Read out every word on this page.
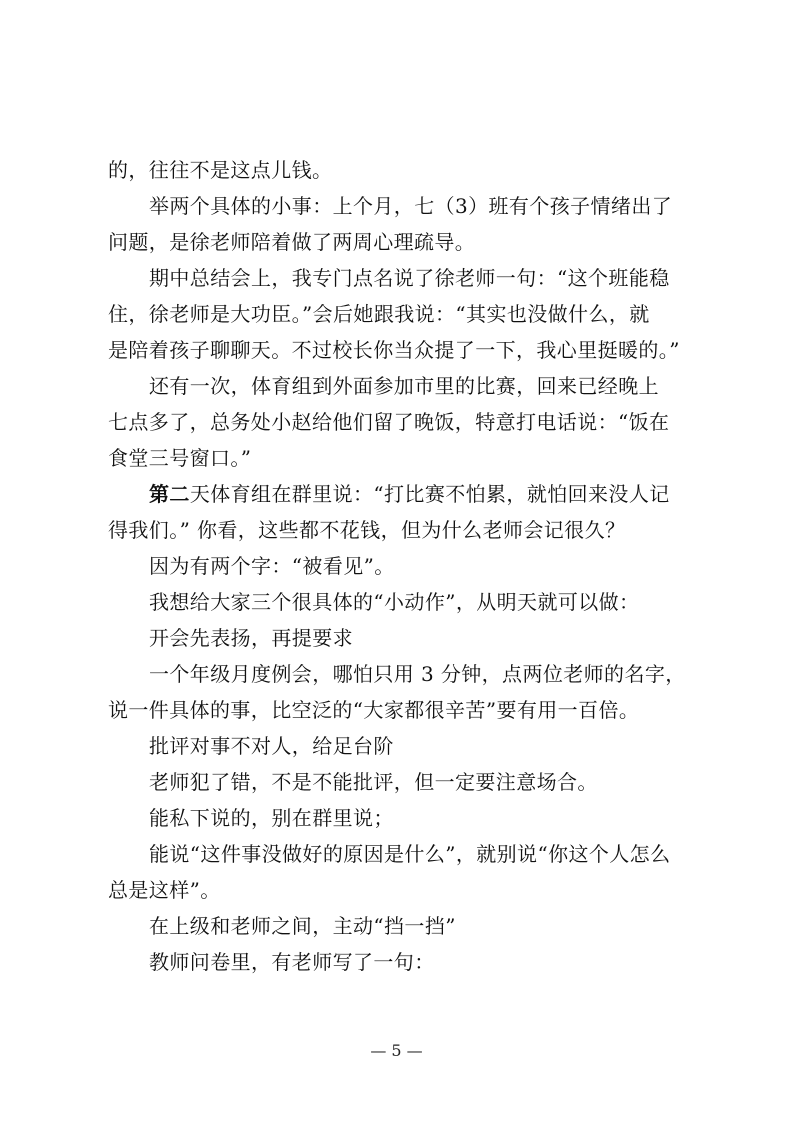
的，往往不是这点儿钱。
举两个具体的小事：上个月，七（3）班有个孩子情绪出了
问题，是徐老师陪着做了两周心理疏导。
期中总结会上，我专门点名说了徐老师一句：“这个班能稳
住，徐老师是大功臣。”会后她跟我说：“其实也没做什么，就
是陪着孩子聊聊天。不过校长你当众提了一下，我心里挺暖的。”
还有一次，体育组到外面参加市里的比赛，回来已经晚上
七点多了，总务处小赵给他们留了晚饭，特意打电话说：“饭在
食堂三号窗口。”
第二天体育组在群里说：“打比赛不怕累，就怕回来没人记
得我们。” 你看，这些都不花钱，但为什么老师会记很久？
因为有两个字：“被看见”。
我想给大家三个很具体的“小动作”，从明天就可以做：
开会先表扬，再提要求
一个年级月度例会，哪怕只用 3 分钟，点两位老师的名字，
说一件具体的事，比空泛的“大家都很辛苦”要有用一百倍。
批评对事不对人，给足台阶
老师犯了错，不是不能批评，但一定要注意场合。
能私下说的，别在群里说；
能说“这件事没做好的原因是什么”，就别说“你这个人怎么
总是这样”。
在上级和老师之间，主动“挡一挡”
教师问卷里，有老师写了一句：
— 5 —
